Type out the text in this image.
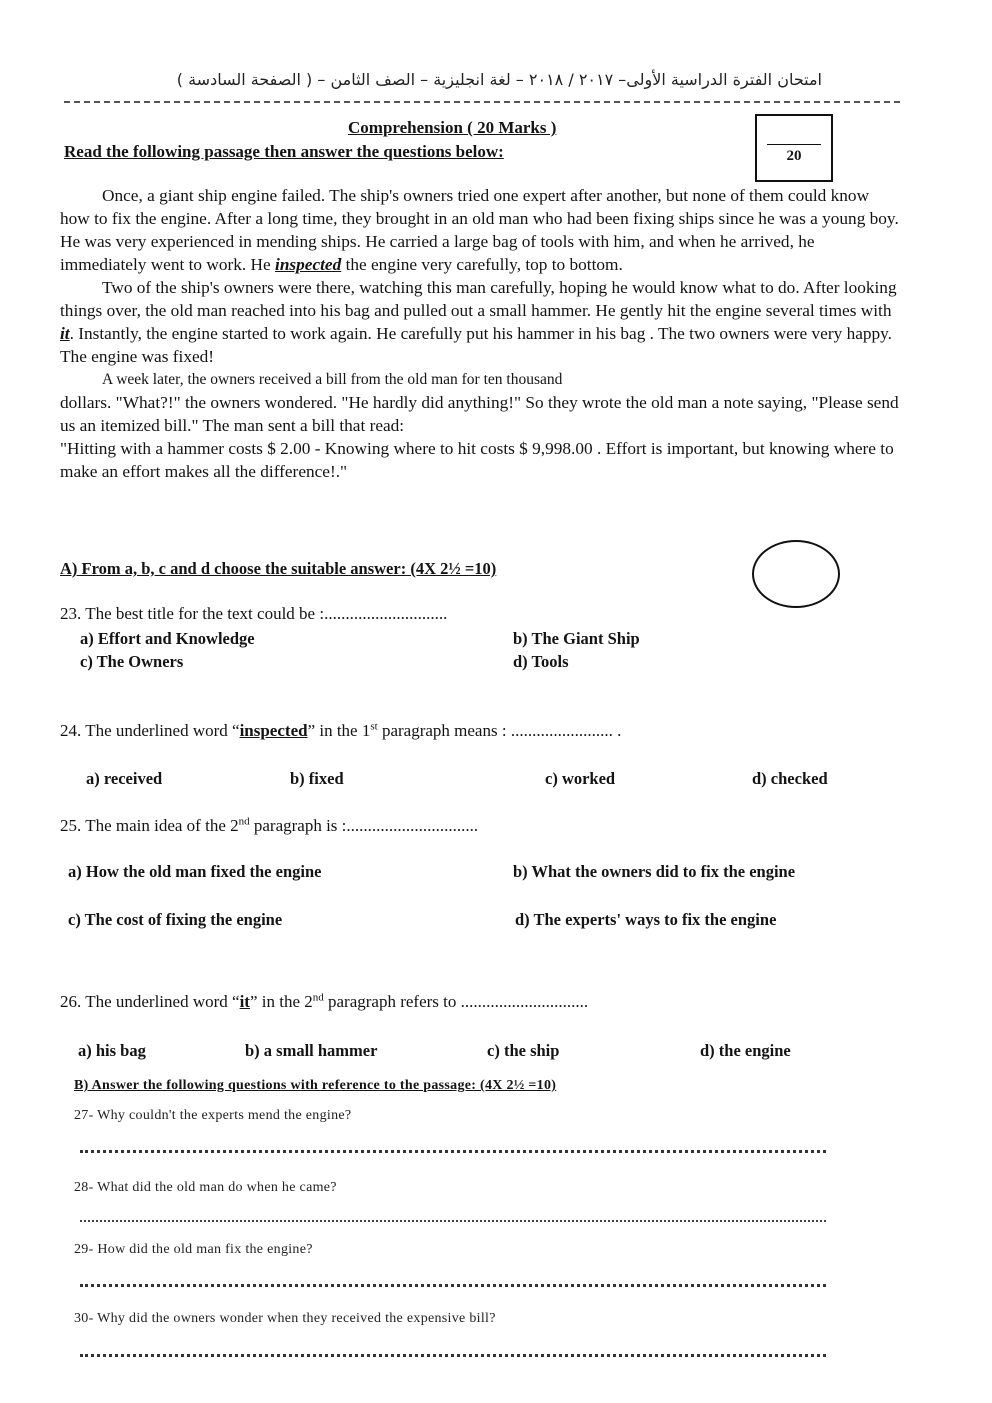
امتحان الفترة الدراسية الأولى– ٢٠١٧ / ٢٠١٨ – لغة انجليزية – الصف الثامن – ( الصفحة السادسة )
Comprehension ( 20 Marks )
Read the following passage then answer the questions below:	20

Once, a giant ship engine failed. The ship's owners tried one expert after another, but none of them could know how to fix the engine. After a long time, they brought in an old man who had been fixing ships since he was a young boy. He was very experienced in mending ships. He carried a large bag of tools with him, and when he arrived, he immediately went to work. He inspected the engine very carefully, top to bottom.

Two of the ship's owners were there, watching this man carefully, hoping he would know what to do. After looking things over, the old man reached into his bag and pulled out a small hammer. He gently hit the engine several times with it. Instantly, the engine started to work again. He carefully put his hammer in his bag . The two owners were very happy. The engine was fixed!

A week later, the owners received a bill from the old man for ten thousand

dollars. "What?!" the owners wondered. "He hardly did anything!" So they wrote the old man a note saying, "Please send us an itemized bill." The man sent a bill that read:

"Hitting with a hammer costs $ 2.00 - Knowing where to hit costs $ 9,998.00 . Effort is important, but knowing where to make an effort makes all the difference!."

A) From a, b, c and d choose the suitable answer: (4X 2½ =10)
23. The best title for the text could be :.............................
a) Effort and Knowledge	b) The Giant Ship
c) The Owners	d) Tools
24. The underlined word “inspected” in the 1st paragraph means : ........................ .
a) received	b) fixed	c) worked	d) checked
25. The main idea of the 2nd paragraph is :...............................
a) How the old man fixed the engine	b) What the owners did to fix the engine
c) The cost of fixing the engine	d) The experts' ways to fix the engine
26. The underlined word “it” in the 2nd paragraph refers to ..............................
a) his bag	b) a small hammer	c) the ship	d) the engine
B) Answer the following questions with reference to the passage: (4X 2½ =10)
27- Why couldn't the experts mend the engine?
28- What did the old man do when he came?
29- How did the old man fix the engine?
30- Why did the owners wonder when they received the expensive bill?
